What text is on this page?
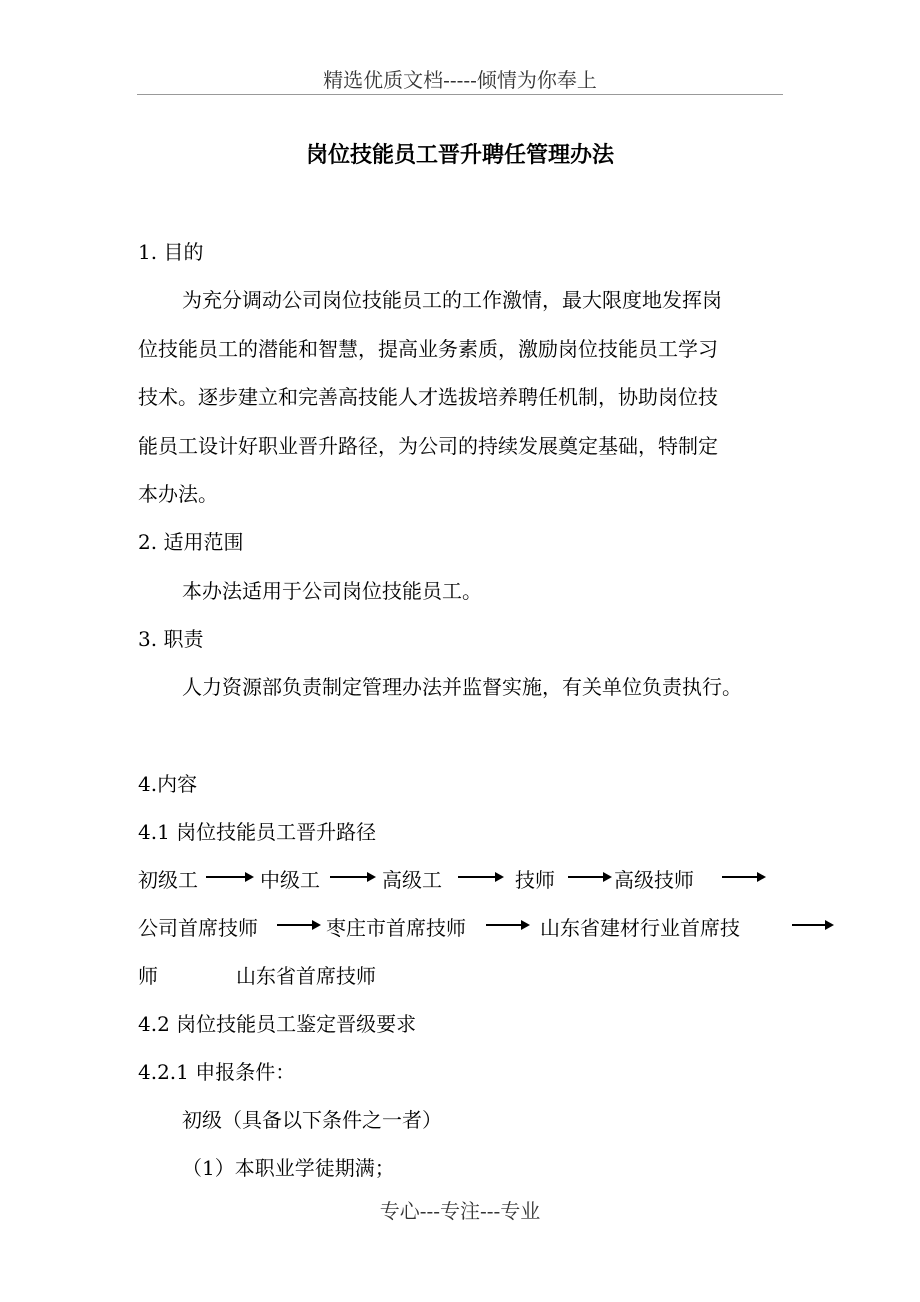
精选优质文档-----倾情为你奉上
岗位技能员工晋升聘任管理办法
1. 目的
为充分调动公司岗位技能员工的工作激情，最大限度地发挥岗
位技能员工的潜能和智慧，提高业务素质，激励岗位技能员工学习
技术。逐步建立和完善高技能人才选拔培养聘任机制，协助岗位技
能员工设计好职业晋升路径，为公司的持续发展奠定基础，特制定
本办法。
2. 适用范围
本办法适用于公司岗位技能员工。
3. 职责
人力资源部负责制定管理办法并监督实施，有关单位负责执行。
4.内容
4.1 岗位技能员工晋升路径
初级工	中级工	高级工	技师	高级技师
公司首席技师	枣庄市首席技师	山东省建材行业首席技
师	山东省首席技师
4.2 岗位技能员工鉴定晋级要求
4.2.1 申报条件：
初级（具备以下条件之一者）
（1）本职业学徒期满；
专心---专注---专业
